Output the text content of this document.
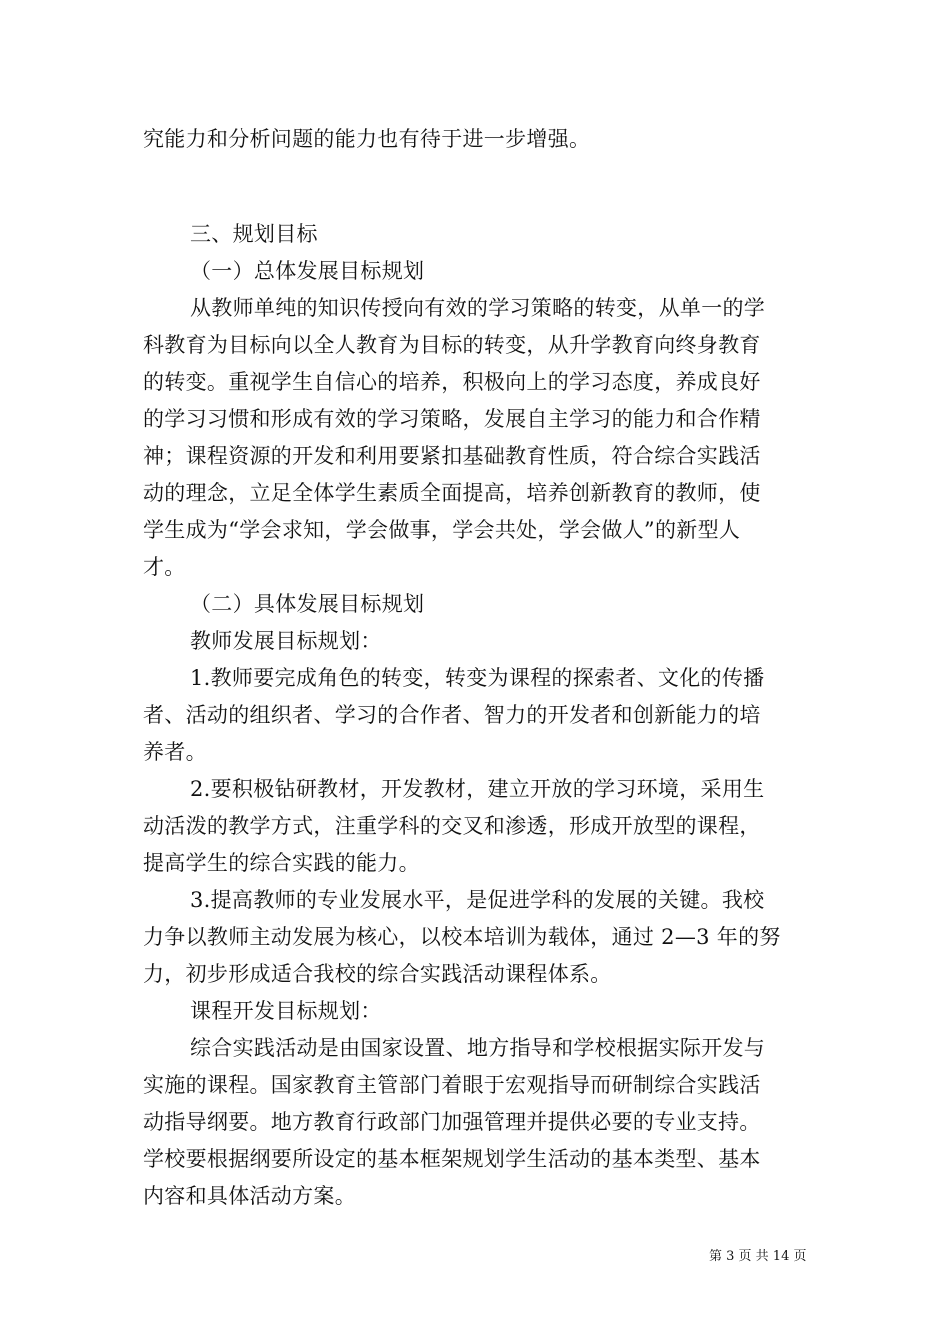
究能力和分析问题的能力也有待于进一步增强。
三、规划目标
（一）总体发展目标规划
从教师单纯的知识传授向有效的学习策略的转变，从单一的学
科教育为目标向以全人教育为目标的转变，从升学教育向终身教育
的转变。重视学生自信心的培养，积极向上的学习态度，养成良好
的学习习惯和形成有效的学习策略，发展自主学习的能力和合作精
神；课程资源的开发和利用要紧扣基础教育性质，符合综合实践活
动的理念，立足全体学生素质全面提高，培养创新教育的教师，使
学生成为“学会求知，学会做事，学会共处，学会做人”的新型人
才。
（二）具体发展目标规划
教师发展目标规划：
1.教师要完成角色的转变，转变为课程的探索者、文化的传播
者、活动的组织者、学习的合作者、智力的开发者和创新能力的培
养者。
2.要积极钻研教材，开发教材，建立开放的学习环境，采用生
动活泼的教学方式，注重学科的交叉和渗透，形成开放型的课程，
提高学生的综合实践的能力。
3.提高教师的专业发展水平，是促进学科的发展的关键。我校
力争以教师主动发展为核心，以校本培训为载体，通过 2—3 年的努
力，初步形成适合我校的综合实践活动课程体系。
课程开发目标规划：
综合实践活动是由国家设置、地方指导和学校根据实际开发与
实施的课程。国家教育主管部门着眼于宏观指导而研制综合实践活
动指导纲要。地方教育行政部门加强管理并提供必要的专业支持。
学校要根据纲要所设定的基本框架规划学生活动的基本类型、基本
内容和具体活动方案。
第 3 页 共 14 页
